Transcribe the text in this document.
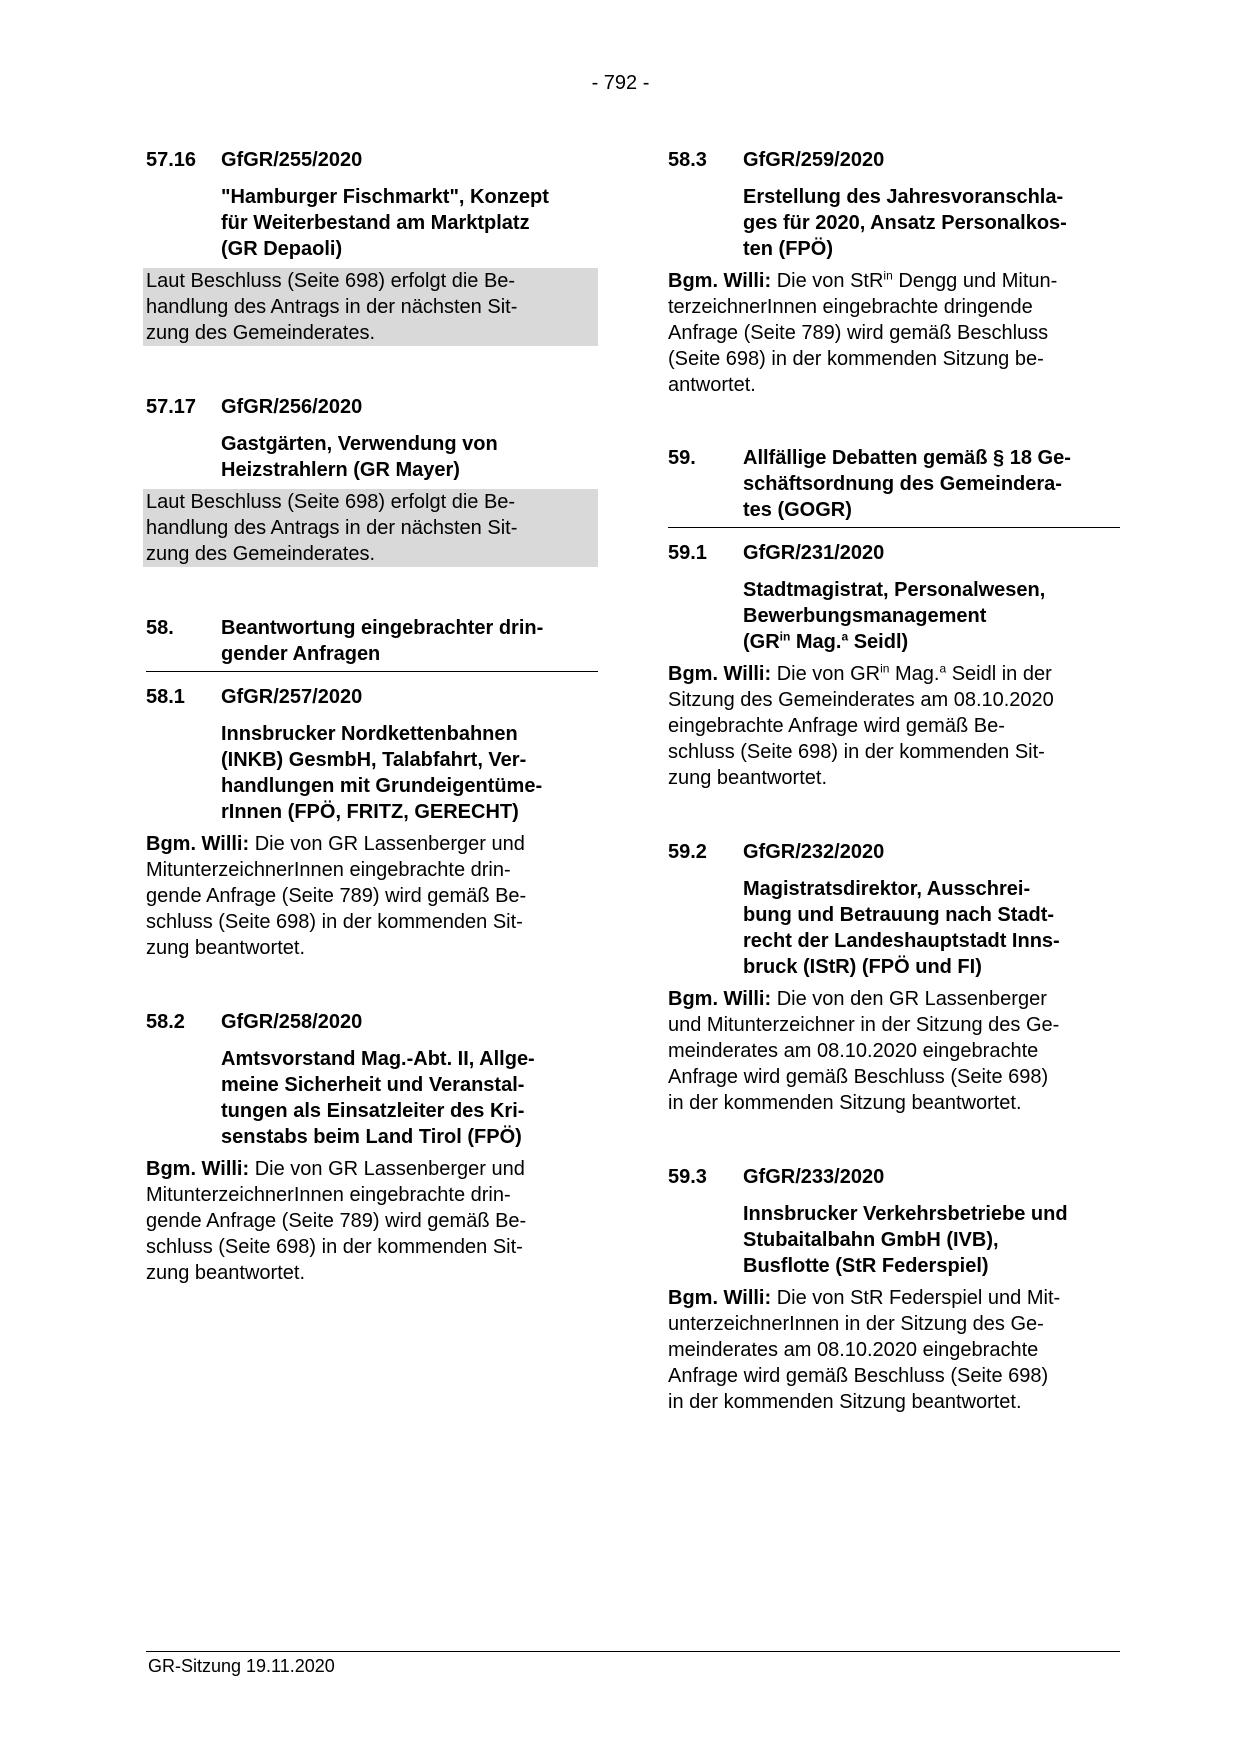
- 792 -
57.16 GfGR/255/2020
"Hamburger Fischmarkt", Konzept
für Weiterbestand am Marktplatz
(GR Depaoli)
Laut Beschluss (Seite 698) erfolgt die Be-
handlung des Antrags in der nächsten Sit-
zung des Gemeinderates.
57.17 GfGR/256/2020
Gastgärten, Verwendung von
Heizstrahlern (GR Mayer)
Laut Beschluss (Seite 698) erfolgt die Be-
handlung des Antrags in der nächsten Sit-
zung des Gemeinderates.
58. Beantwortung eingebrachter drin-
gender Anfragen
58.1 GfGR/257/2020
Innsbrucker Nordkettenbahnen
(INKB) GesmbH, Talabfahrt, Ver-
handlungen mit Grundeigentüme-
rInnen (FPÖ, FRITZ, GERECHT)
Bgm. Willi: Die von GR Lassenberger und
MitunterzeichnerInnen eingebrachte drin-
gende Anfrage (Seite 789) wird gemäß Be-
schluss (Seite 698) in der kommenden Sit-
zung beantwortet.
58.2 GfGR/258/2020
Amtsvorstand Mag.-Abt. II, Allge-
meine Sicherheit und Veranstal-
tungen als Einsatzleiter des Kri-
senstabs beim Land Tirol (FPÖ)
Bgm. Willi: Die von GR Lassenberger und
MitunterzeichnerInnen eingebrachte drin-
gende Anfrage (Seite 789) wird gemäß Be-
schluss (Seite 698) in der kommenden Sit-
zung beantwortet.
58.3 GfGR/259/2020
Erstellung des Jahresvoranschla-
ges für 2020, Ansatz Personalkos-
ten (FPÖ)
Bgm. Willi: Die von StR$^{in}$ Dengg und Mitun-
terzeichnerInnen eingebrachte dringende
Anfrage (Seite 789) wird gemäß Beschluss
(Seite 698) in der kommenden Sitzung be-
antwortet.
59. Allfällige Debatten gemäß § 18 Ge-
schäftsordnung des Gemeindera-
tes (GOGR)
59.1 GfGR/231/2020
Stadtmagistrat, Personalwesen,
Bewerbungsmanagement
($GR^{in}$ Mag.$^a$ Seidl)
Bgm. Willi: Die von $GR^{in}$ Mag.$^a$ Seidl in der
Sitzung des Gemeinderates am 08.10.2020
eingebrachte Anfrage wird gemäß Be-
schluss (Seite 698) in der kommenden Sit-
zung beantwortet.
59.2 GfGR/232/2020
Magistratsdirektor, Ausschrei-
bung und Betrauung nach Stadt-
recht der Landeshauptstadt Inns-
bruck (IStR) (FPÖ und FI)
Bgm. Willi: Die von den GR Lassenberger
und Mitunterzeichner in der Sitzung des Ge-
meinderates am 08.10.2020 eingebrachte
Anfrage wird gemäß Beschluss (Seite 698)
in der kommenden Sitzung beantwortet.
59.3 GfGR/233/2020
Innsbrucker Verkehrsbetriebe und
Stubaitalbahn GmbH (IVB),
Busflotte (StR Federspiel)
Bgm. Willi: Die von StR Federspiel und Mit-
unterzeichnerInnen in der Sitzung des Ge-
meinderates am 08.10.2020 eingebrachte
Anfrage wird gemäß Beschluss (Seite 698)
in der kommenden Sitzung beantwortet.
GR-Sitzung 19.11.2020
